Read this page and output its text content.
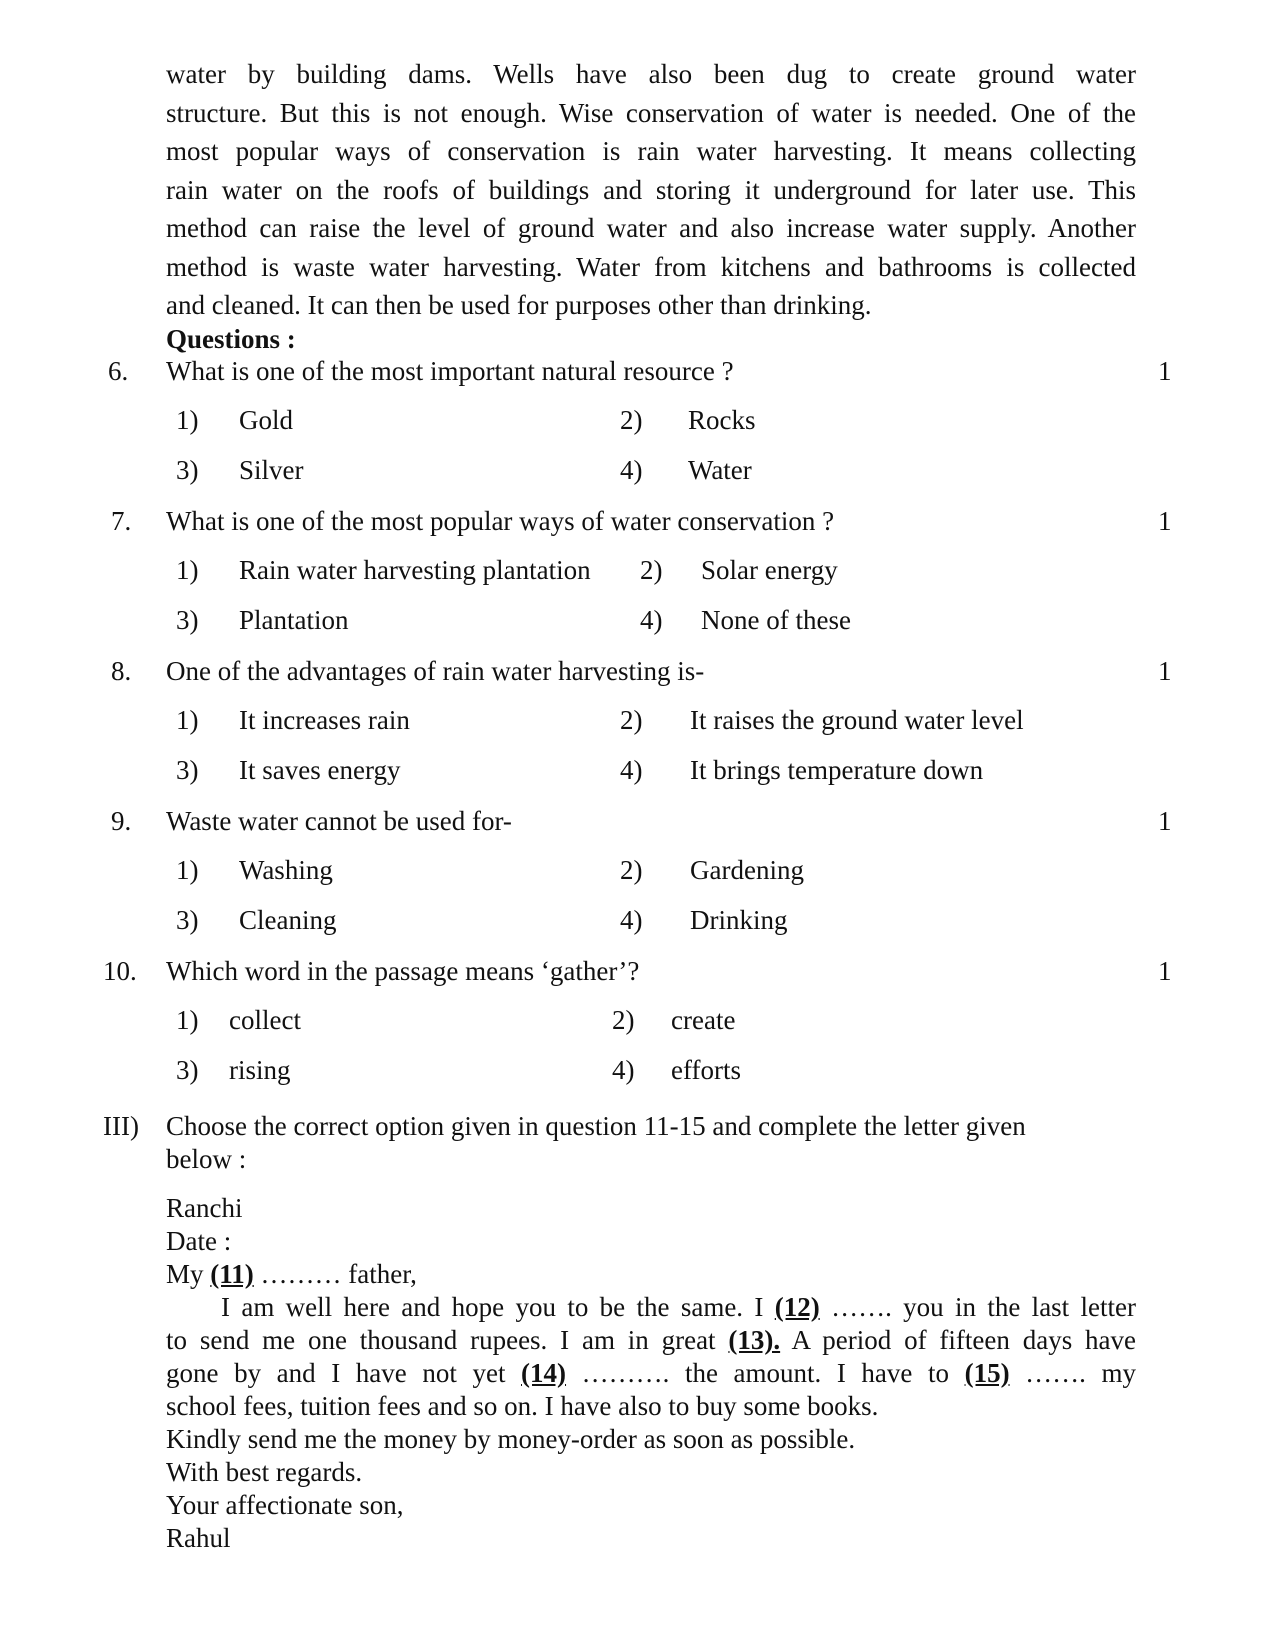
water by building dams. Wells have also been dug to create ground water
structure. But this is not enough. Wise conservation of water is needed. One of the
most popular ways of conservation is rain water harvesting. It means collecting
rain water on the roofs of buildings and storing it underground for later use. This
method can raise the level of ground water and also increase water supply. Another
method is waste water harvesting. Water from kitchens and bathrooms is collected
and cleaned. It can then be used for purposes other than drinking.
Questions :
6. What is one of the most important natural resource ?	1
1) Gold	2) Rocks
3) Silver	4) Water
7. What is one of the most popular ways of water conservation ?	1
1) Rain water harvesting plantation 2) Solar energy
3) Plantation	4) None of these
8. One of the advantages of rain water harvesting is-	1
1) It increases rain	2) It raises the ground water level
3) It saves energy	4) It brings temperature down
9. Waste water cannot be used for-	1
1) Washing	2) Gardening
3) Cleaning	4) Drinking
10. Which word in the passage means ‘gather’?	1
1) collect	2) create
3) rising	4) efforts
III) Choose the correct option given in question 11-15 and complete the letter given
below :
Ranchi
Date :
My (11) ……… father,
I am well here and hope you to be the same. I (12) ……. you in the last letter
to send me one thousand rupees. I am in great (13). A period of fifteen days have
gone by and I have not yet (14) ………. the amount. I have to (15) ……. my
school fees, tuition fees and so on. I have also to buy some books.
Kindly send me the money by money-order as soon as possible.
With best regards.
Your affectionate son,
Rahul
